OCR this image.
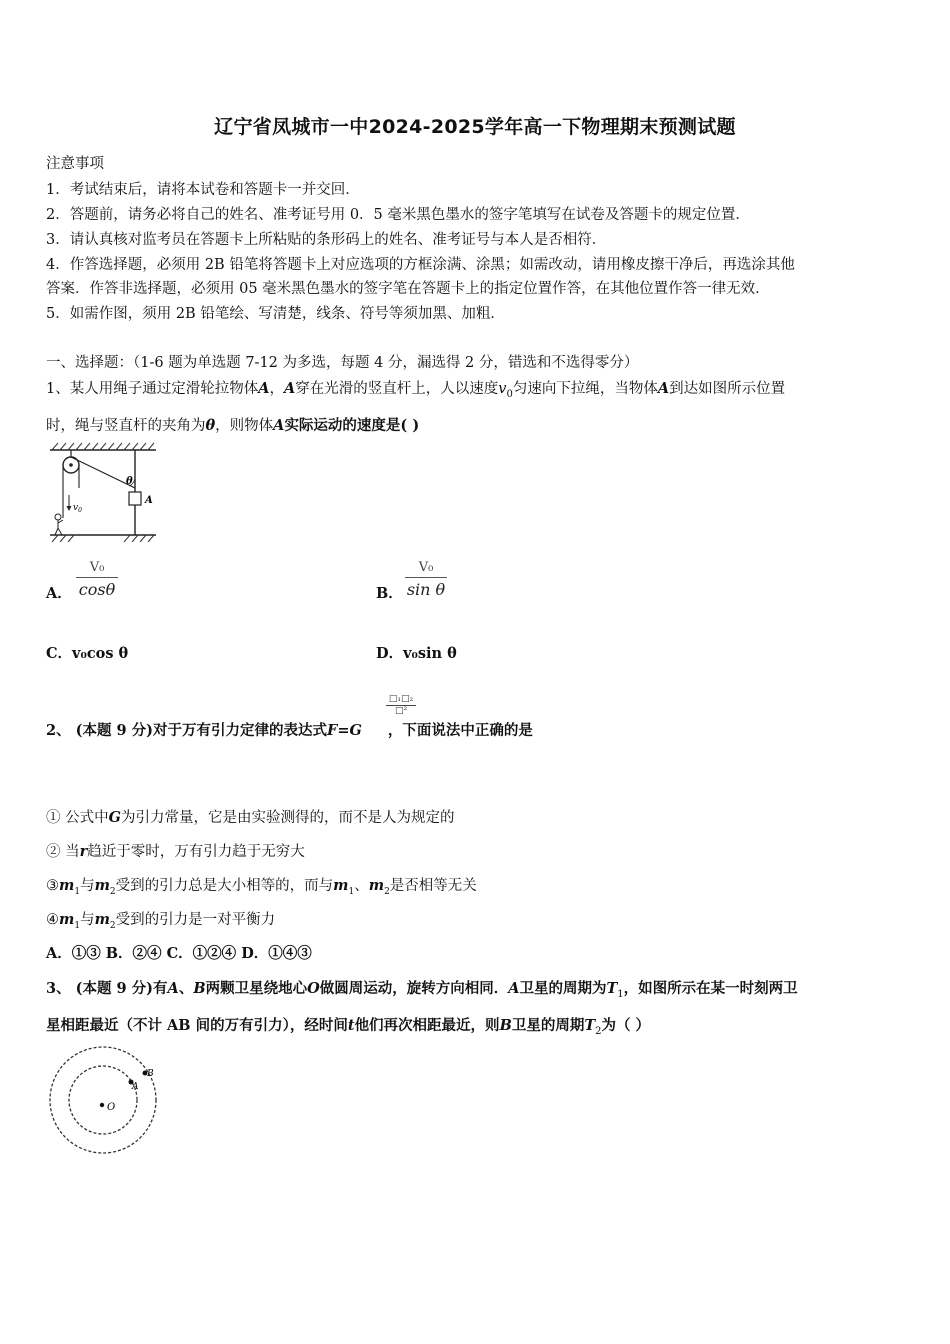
辽宁省凤城市一中2024-2025学年高一下物理期末预测试题
注意事项
1．考试结束后，请将本试卷和答题卡一并交回．
2．答题前，请务必将自己的姓名、准考证号用 0．5 毫米黑色墨水的签字笔填写在试卷及答题卡的规定位置．
3．请认真核对监考员在答题卡上所粘贴的条形码上的姓名、准考证号与本人是否相符．
4．作答选择题，必须用 2B 铅笔将答题卡上对应选项的方框涂满、涂黑；如需改动，请用橡皮擦干净后，再选涂其他
答案．作答非选择题，必须用 05 毫米黑色墨水的签字笔在答题卡上的指定位置作答，在其他位置作答一律无效．
5．如需作图，须用 2B 铅笔绘、写清楚，线条、符号等须加黑、加粗．
一、选择题：（1-6 题为单选题 7-12 为多选，每题 4 分，漏选得 2 分，错选和不选得零分）
1、某人用绳子通过定滑轮拉物体A，A穿在光滑的竖直杆上，人以速度$v_0$匀速向下拉绳，当物体A到达如图所示位置
时，绳与竖直杆的夹角为θ，则物体A实际运动的速度是( )
θ
A
$v_0$
A．
V₀
cosθ	B．
V₀
sin θ
C．v₀cos θ	D．v₀sin θ
2、 (本题 9 分)对于万有引力定律的表达式F=G ，下面说法中正确的是
□₁□₂
□²
① 公式中G为引力常量，它是由实验测得的，而不是人为规定的
② 当r趋近于零时，万有引力趋于无穷大
$③m_1$与$m_2$受到的引力总是大小相等的，而与$m_1$、$m_2$是否相等无关
$④m_1$与$m_2$受到的引力是一对平衡力
A．①③ B．②④ C．①②④ D．①④③
3、 (本题 9 分)有A、B两颗卫星绕地心O做圆周运动，旋转方向相同．A卫星的周期为$T_1$，如图所示在某一时刻两卫
星相距最近（不计 AB 间的万有引力），经时间t他们再次相距最近，则B卫星的周期$T_2$为（ ）
O
A
B
